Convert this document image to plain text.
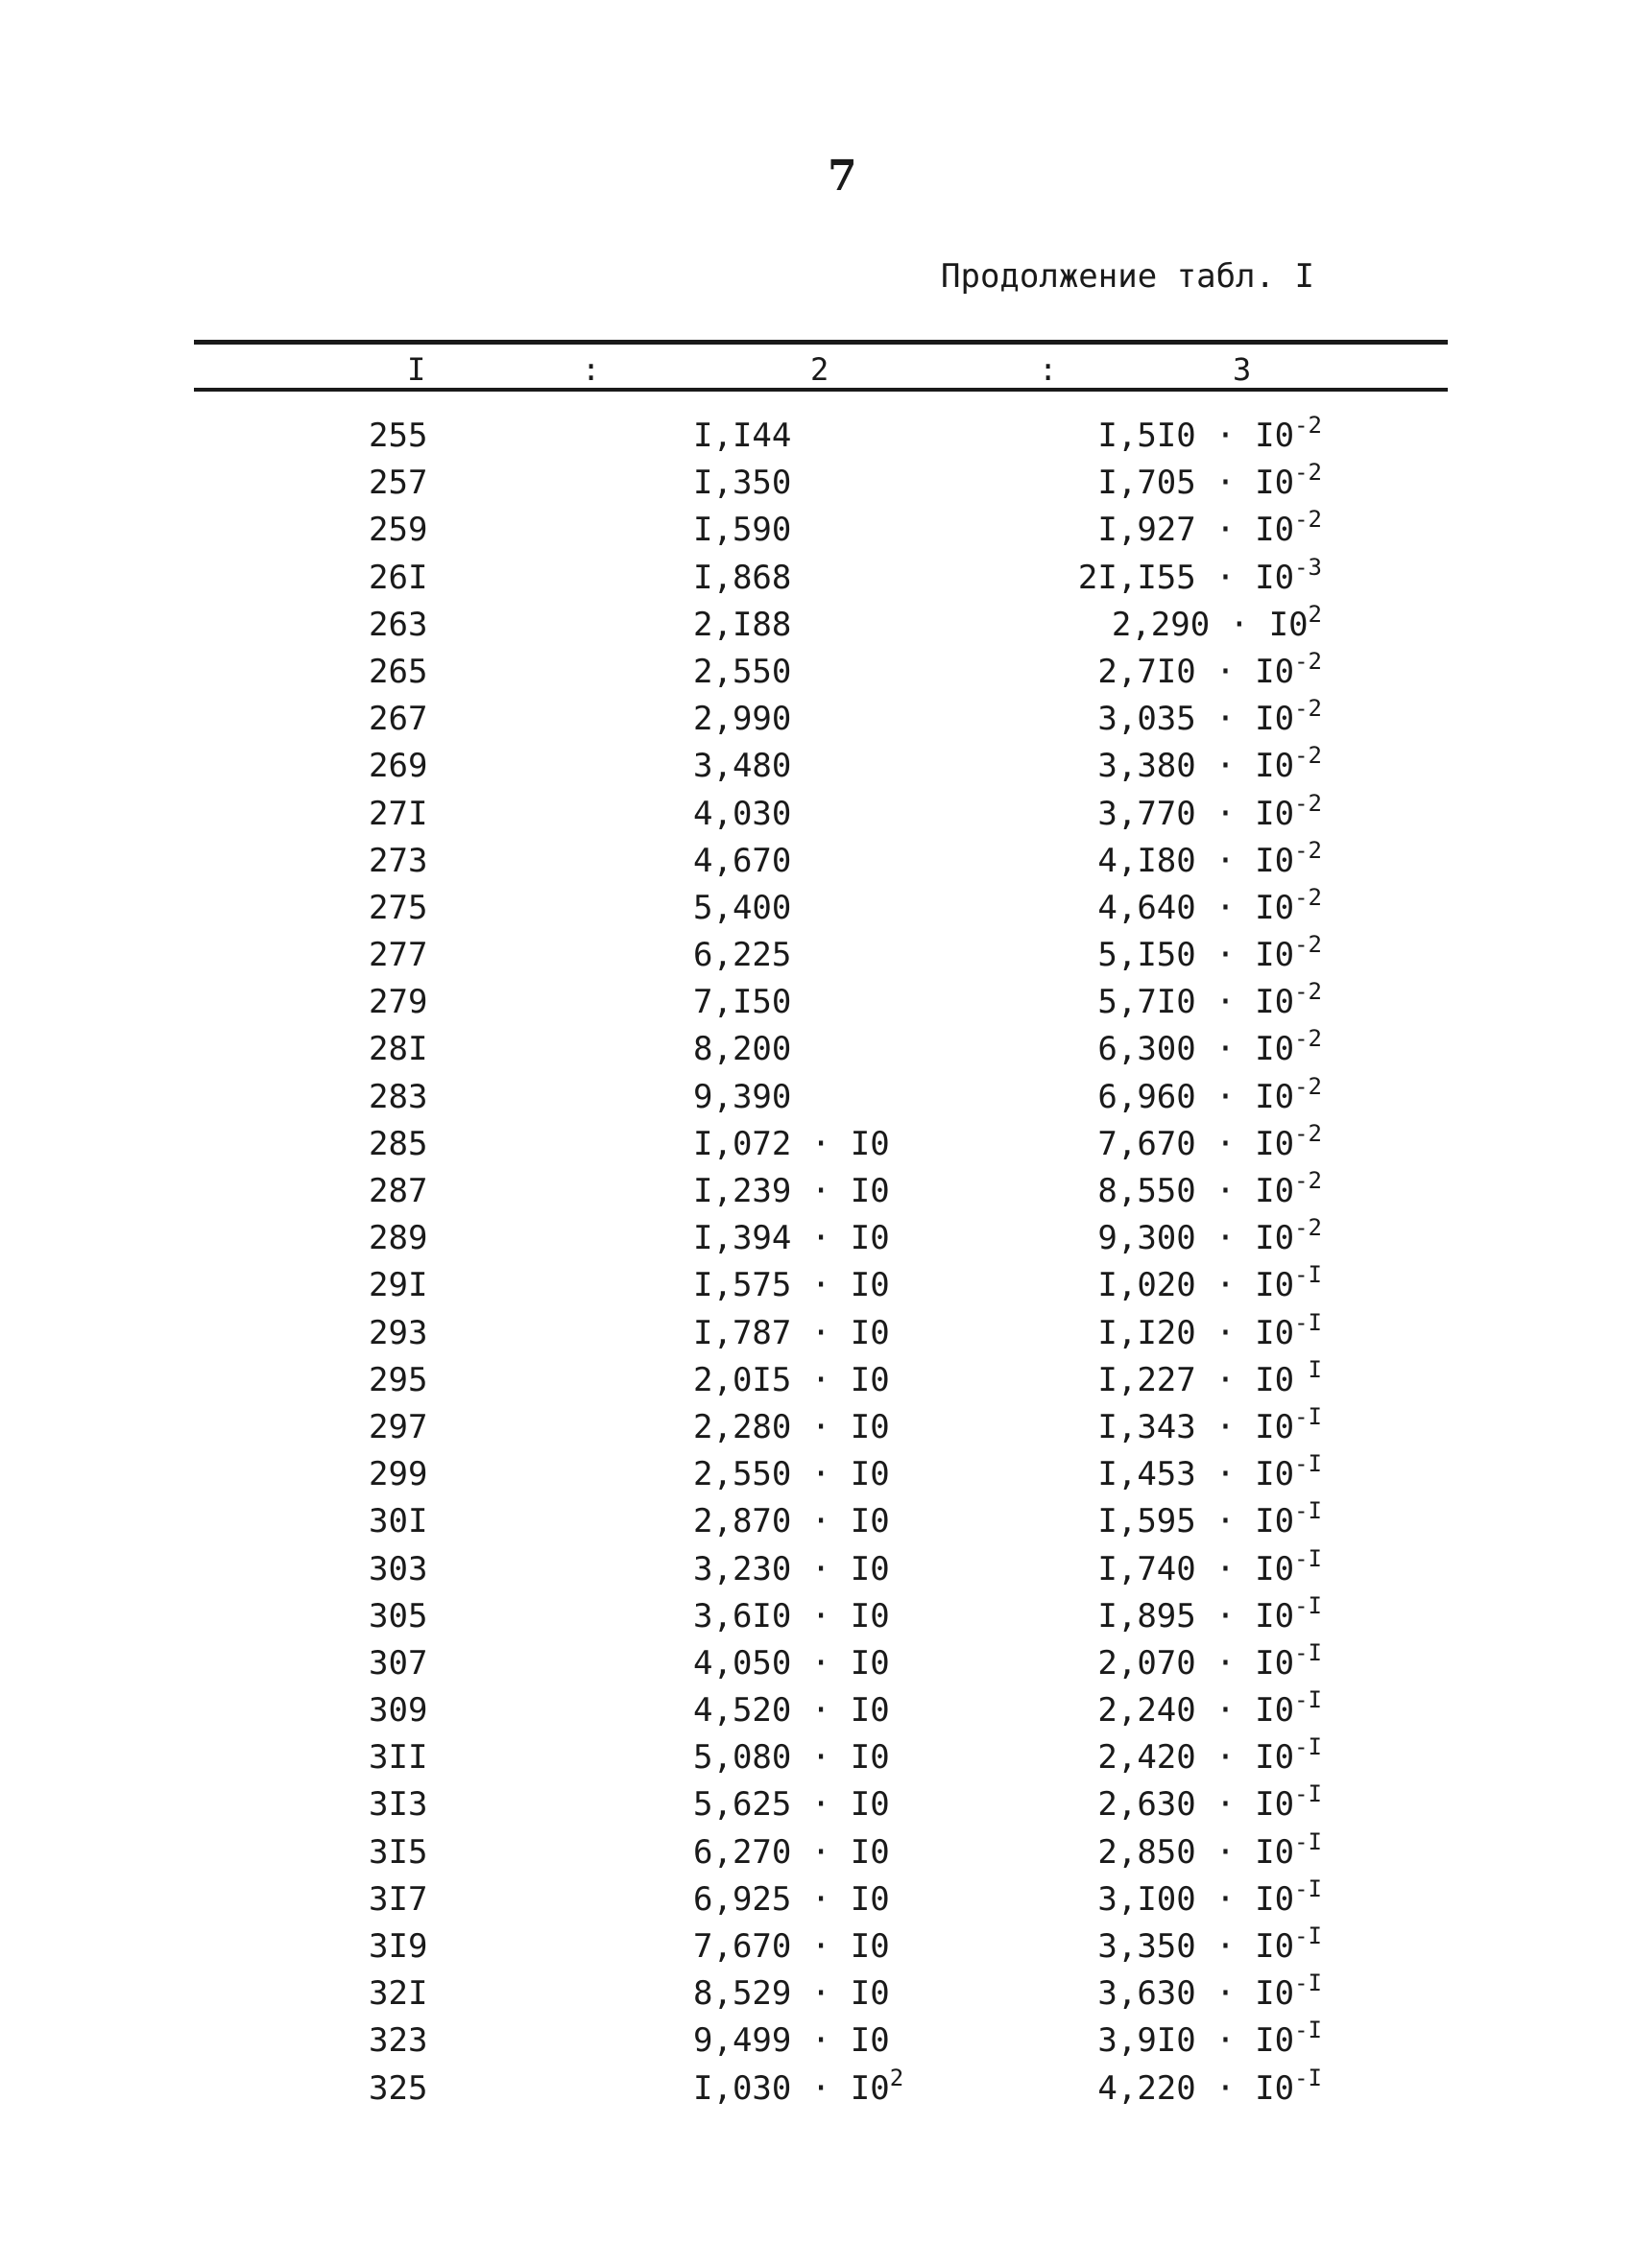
7
Продолжение табл. I
I	:	2	:	3
255	I,I44	$I,5I0 \cdot I0^{-2}$
257	I,350	$I,705 \cdot I0^{-2}$
259	I,590	$I,927 \cdot I0^{-2}$
26I	I,868	$2I,I55 \cdot I0^{-3}$
263	2,I88	$2,290 \cdot I0^2$
265	2,550	$2,7I0 \cdot I0^{-2}$
267	2,990	$3,035 \cdot I0^{-2}$
269	3,480	$3,380 \cdot I0^{-2}$
27I	4,030	$3,770 \cdot I0^{-2}$
273	4,670	$4,I80 \cdot I0^{-2}$
275	5,400	$4,640 \cdot I0^{-2}$
277	6,225	$5,I50 \cdot I0^{-2}$
279	7,I50	$5,7I0 \cdot I0^{-2}$
28I	8,200	$6,300 \cdot I0^{-2}$
283	9,390	$6,960 \cdot I0^{-2}$
285	I,072 · I0	$7,670 \cdot I0^{-2}$
287	I,239 · I0	$8,550 \cdot I0^{-2}$
289	I,394 · I0	$9,300 \cdot I0^{-2}$
29I	I,575 · I0	$I,020 \cdot I0^{-I}$
293	I,787 · I0	$I,I20 \cdot I0^{-I}$
295	2,0I5 · I0	I,227 · I0 $^I$
297	2,280 · I0	$I,343 \cdot I0^{-I}$
299	2,550 · I0	$I,453 \cdot I0^{-I}$
30I	2,870 · I0	$I,595 \cdot I0^{-I}$
303	3,230 · I0	$I,740 \cdot I0^{-I}$
305	3,6I0 · I0	$I,895 \cdot I0^{-I}$
307	4,050 · I0	$2,070 \cdot I0^{-I}$
309	4,520 · I0	$2,240 \cdot I0^{-I}$
3II	5,080 · I0	$2,420 \cdot I0^{-I}$
3I3	5,625 · I0	$2,630 \cdot I0^{-I}$
3I5	6,270 · I0	$2,850 \cdot I0^{-I}$
3I7	6,925 · I0	$3,I00 \cdot I0^{-I}$
3I9	7,670 · I0	$3,350 \cdot I0^{-I}$
32I	8,529 · I0	$3,630 \cdot I0^{-I}$
323	9,499 · I0	$3,9I0 \cdot I0^{-I}$
325	$I,030 \cdot I0^2$	$4,220 \cdot I0^{-I}$
